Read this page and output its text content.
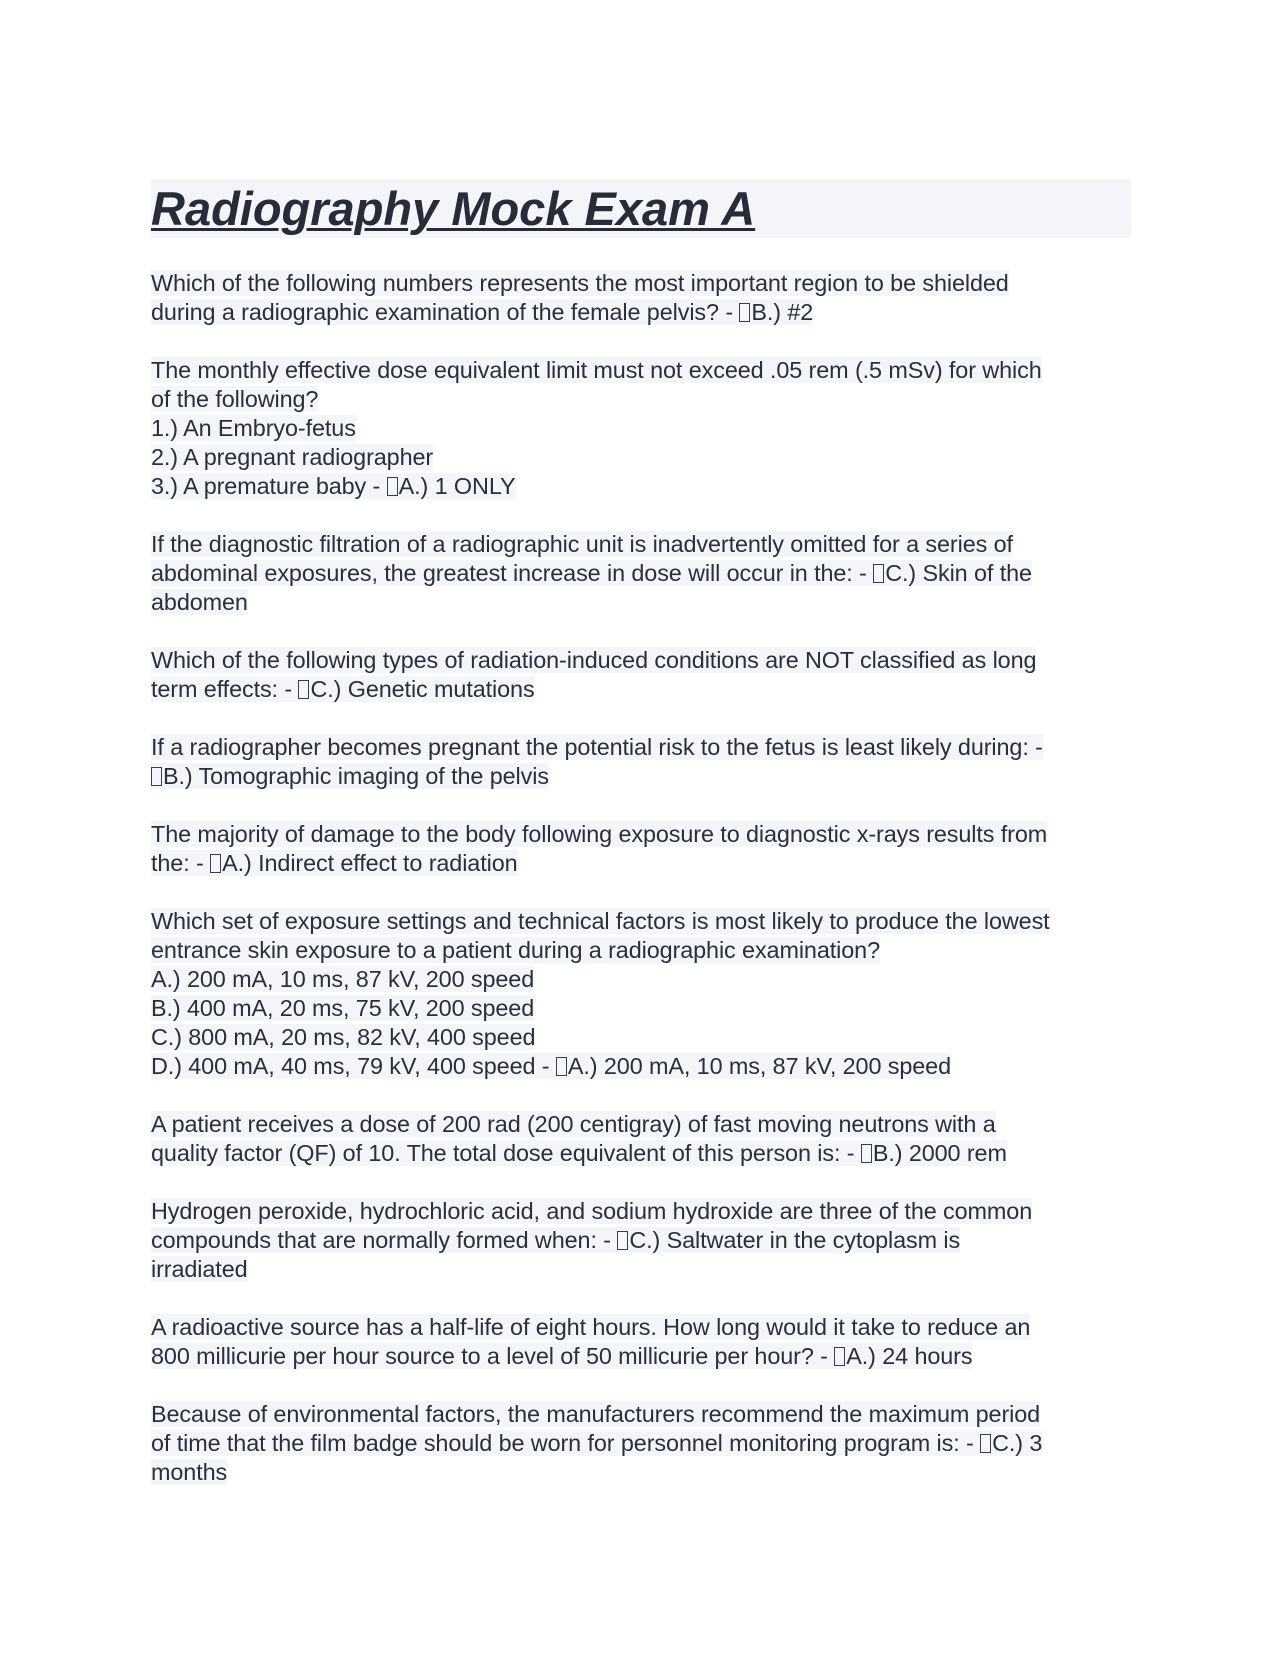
Radiography Mock Exam A
Which of the following numbers represents the most important region to be shielded
during a radiographic examination of the female pelvis? - B.) #2
The monthly effective dose equivalent limit must not exceed .05 rem (.5 mSv) for which
of the following?
1.) An Embryo-fetus
2.) A pregnant radiographer
3.) A premature baby - A.) 1 ONLY
If the diagnostic filtration of a radiographic unit is inadvertently omitted for a series of
abdominal exposures, the greatest increase in dose will occur in the: - C.) Skin of the
abdomen
Which of the following types of radiation-induced conditions are NOT classified as long
term effects: - C.) Genetic mutations
If a radiographer becomes pregnant the potential risk to the fetus is least likely during: -
B.) Tomographic imaging of the pelvis
The majority of damage to the body following exposure to diagnostic x-rays results from
the: - A.) Indirect effect to radiation
Which set of exposure settings and technical factors is most likely to produce the lowest
entrance skin exposure to a patient during a radiographic examination?
A.) 200 mA, 10 ms, 87 kV, 200 speed
B.) 400 mA, 20 ms, 75 kV, 200 speed
C.) 800 mA, 20 ms, 82 kV, 400 speed
D.) 400 mA, 40 ms, 79 kV, 400 speed - A.) 200 mA, 10 ms, 87 kV, 200 speed
A patient receives a dose of 200 rad (200 centigray) of fast moving neutrons with a
quality factor (QF) of 10. The total dose equivalent of this person is: - B.) 2000 rem
Hydrogen peroxide, hydrochloric acid, and sodium hydroxide are three of the common
compounds that are normally formed when: - C.) Saltwater in the cytoplasm is
irradiated
A radioactive source has a half-life of eight hours. How long would it take to reduce an
800 millicurie per hour source to a level of 50 millicurie per hour? - A.) 24 hours
Because of environmental factors, the manufacturers recommend the maximum period
of time that the film badge should be worn for personnel monitoring program is: - C.) 3
months
